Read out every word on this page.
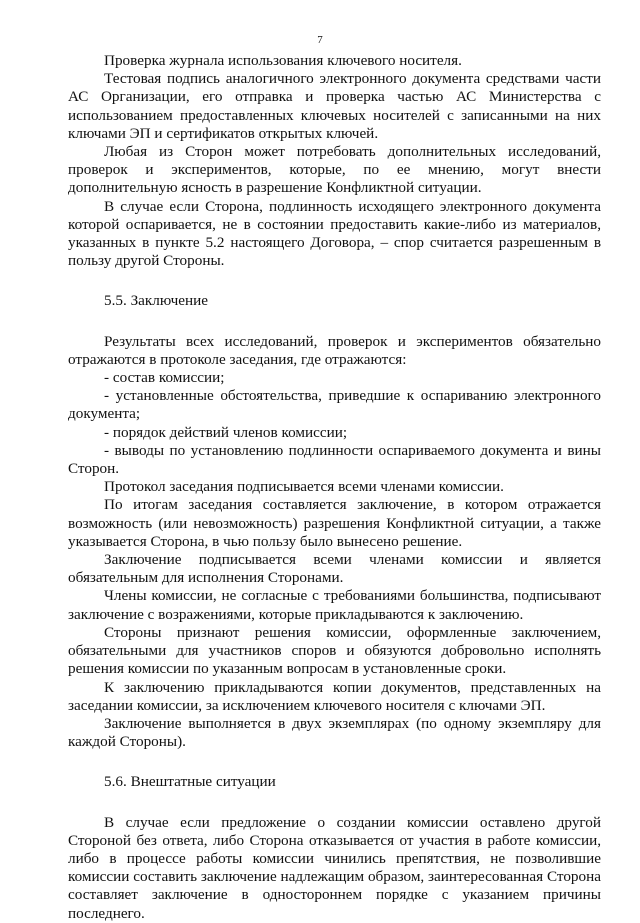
7

Проверка журнала использования ключевого носителя.

Тестовая подпись аналогичного электронного документа средствами части АС Организации, его отправка и проверка частью АС Министерства с использованием предоставленных ключевых носителей с записанными на них ключами ЭП и сертификатов открытых ключей.

Любая из Сторон может потребовать дополнительных исследований, проверок и экспериментов, которые, по ее мнению, могут внести дополнительную ясность в разрешение Конфликтной ситуации.

В случае если Сторона, подлинность исходящего электронного документа которой оспаривается, не в состоянии предоставить какие-либо из материалов, указанных в пункте 5.2 настоящего Договора, – спор считается разрешенным в пользу другой Стороны.

5.5. Заключение

Результаты всех исследований, проверок и экспериментов обязательно отражаются в протоколе заседания, где отражаются:

- состав комиссии;

- установленные обстоятельства, приведшие к оспариванию электронного документа;

- порядок действий членов комиссии;

- выводы по установлению подлинности оспариваемого документа и вины Сторон.

Протокол заседания подписывается всеми членами комиссии.

По итогам заседания составляется заключение, в котором отражается возможность (или невозможность) разрешения Конфликтной ситуации, а также указывается Сторона, в чью пользу было вынесено решение.

Заключение подписывается всеми членами комиссии и является обязательным для исполнения Сторонами.

Члены комиссии, не согласные с требованиями большинства, подписывают заключение с возражениями, которые прикладываются к заключению.

Стороны признают решения комиссии, оформленные заключением, обязательными для участников споров и обязуются добровольно исполнять решения комиссии по указанным вопросам в установленные сроки.

К заключению прикладываются копии документов, представленных на заседании комиссии, за исключением ключевого носителя с ключами ЭП.

Заключение выполняется в двух экземплярах (по одному экземпляру для каждой Стороны).

5.6. Внештатные ситуации

В случае если предложение о создании комиссии оставлено другой Стороной без ответа, либо Сторона отказывается от участия в работе комиссии, либо в процессе работы комиссии чинились препятствия, не позволившие комиссии составить заключение надлежащим образом, заинтересованная Сторона составляет заключение в одностороннем порядке с указанием причины последнего.
